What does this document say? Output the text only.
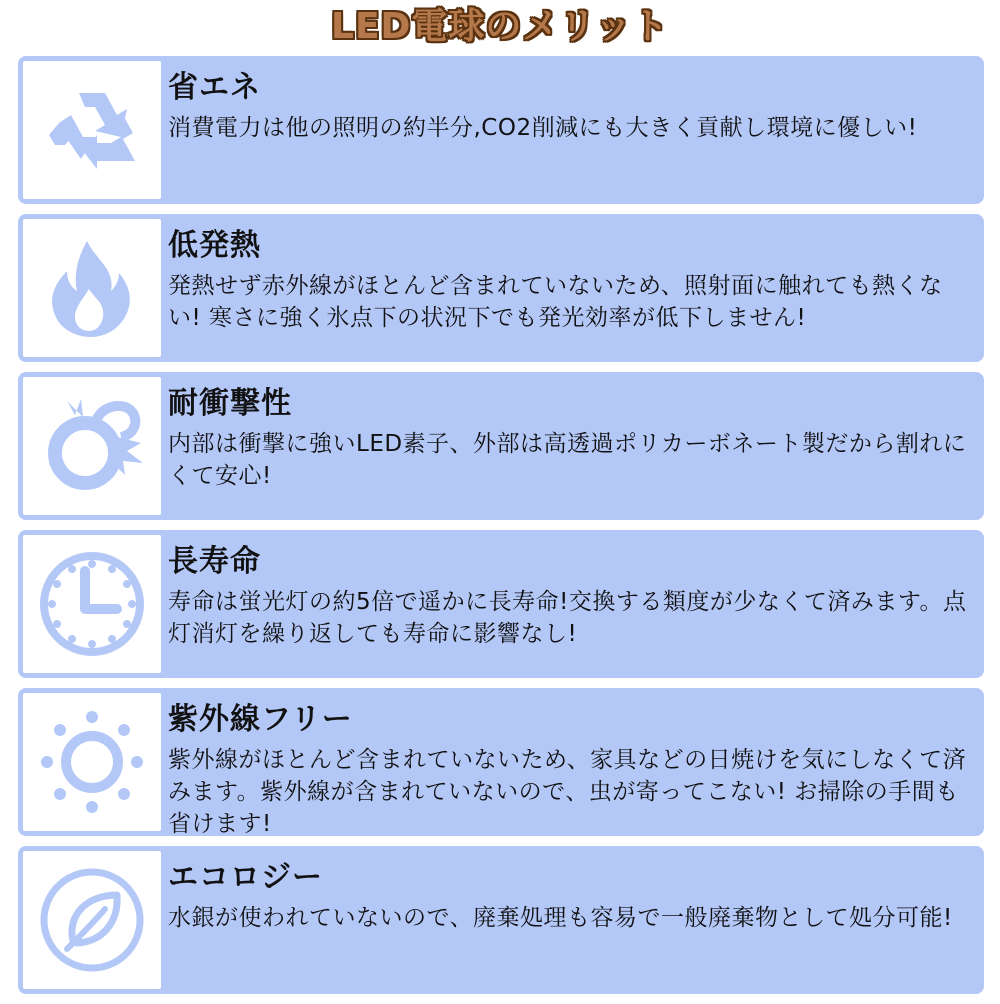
LED電球のメリット
省エネ
消費電力は他の照明の約半分,CO2削減にも大きく貢献し環境に優しい!
低発熱
発熱せず赤外線がほとんど含まれていないため、照射面に触れても熱くない! 寒さに強く氷点下の状況下でも発光効率が低下しません!
耐衝撃性
内部は衝撃に強いLED素子、外部は高透過ポリカーボネート製だから割れにくて安心!
長寿命
寿命は蛍光灯の約5倍で遥かに長寿命!交換する類度が少なくて済みます。点灯消灯を繰り返しても寿命に影響なし!
紫外線フリー
紫外線がほとんど含まれていないため、家具などの日焼けを気にしなくて済みます。紫外線が含まれていないので、虫が寄ってこない! お掃除の手間も省けます!
エコロジー
水銀が使われていないので、廃棄処理も容易で一般廃棄物として処分可能!
